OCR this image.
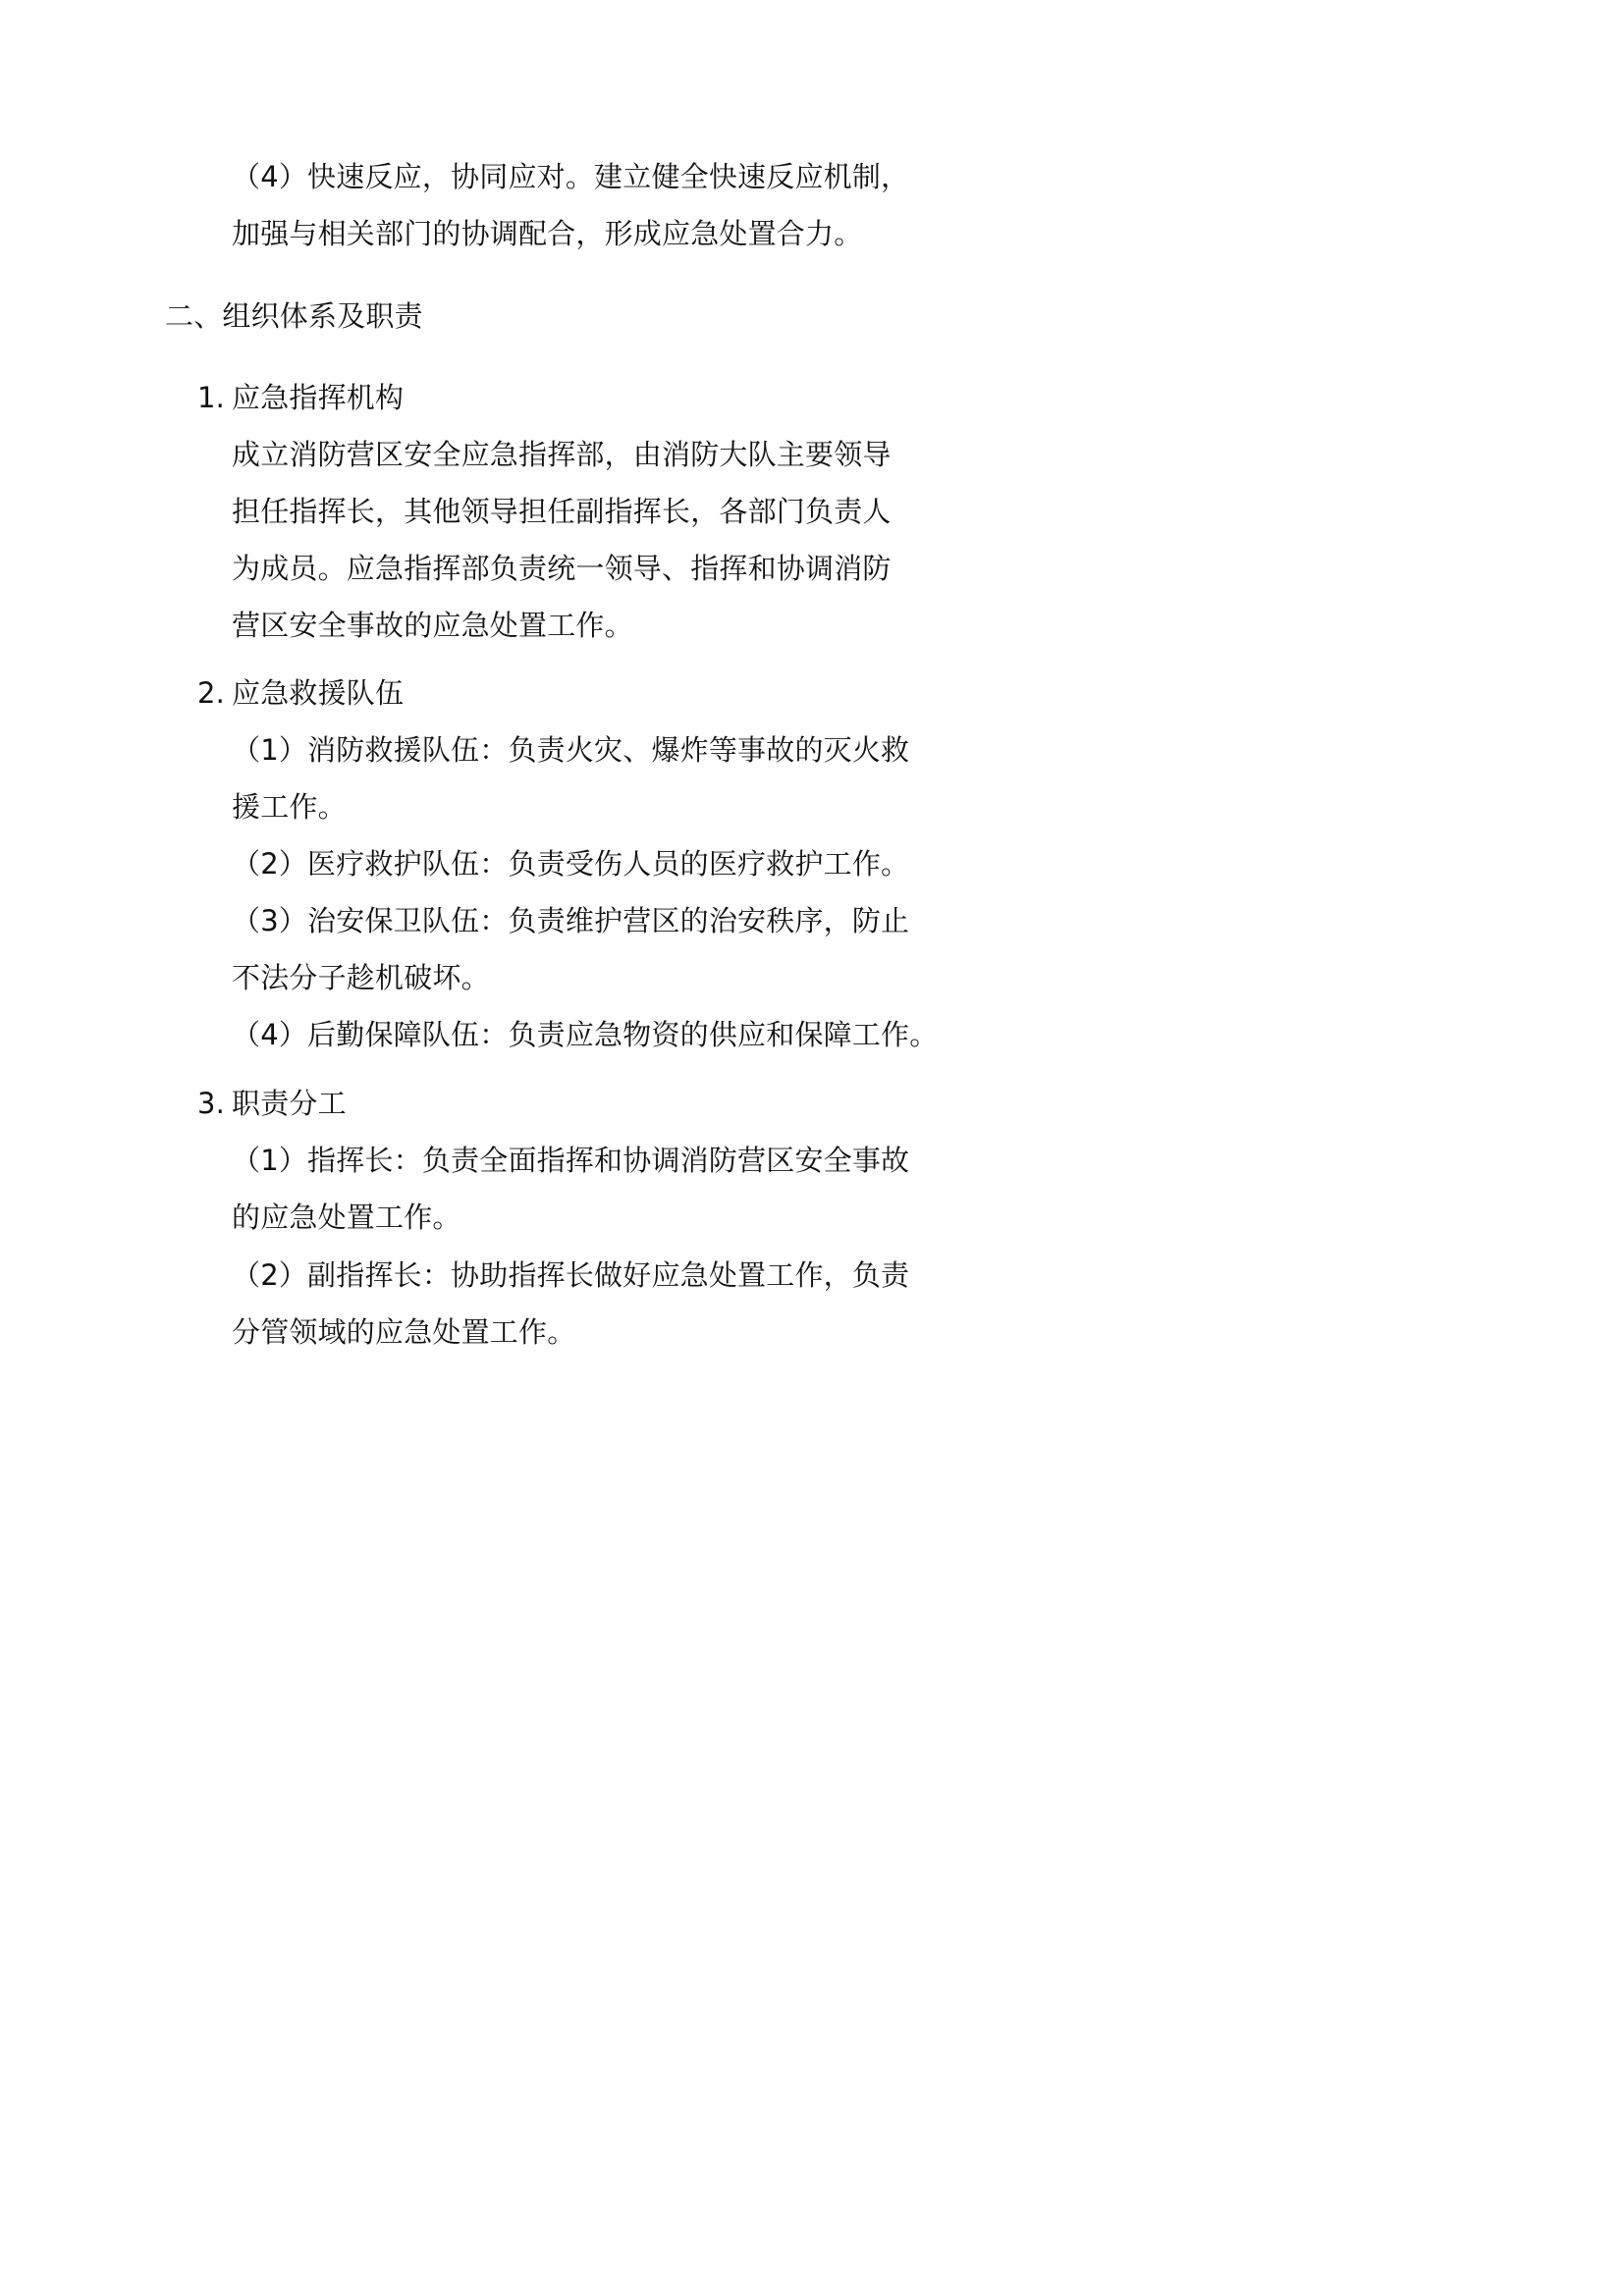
（4）快速反应，协同应对。建立健全快速反应机制，
加强与相关部门的协调配合，形成应急处置合力。
二、组织体系及职责
1. 应急指挥机构
成立消防营区安全应急指挥部，由消防大队主要领导
担任指挥长，其他领导担任副指挥长，各部门负责人
为成员。应急指挥部负责统一领导、指挥和协调消防
营区安全事故的应急处置工作。
2. 应急救援队伍
（1）消防救援队伍：负责火灾、爆炸等事故的灭火救
援工作。
（2）医疗救护队伍：负责受伤人员的医疗救护工作。
（3）治安保卫队伍：负责维护营区的治安秩序，防止
不法分子趁机破坏。
（4）后勤保障队伍：负责应急物资的供应和保障工作。
3. 职责分工
（1）指挥长：负责全面指挥和协调消防营区安全事故
的应急处置工作。
（2）副指挥长：协助指挥长做好应急处置工作，负责
分管领域的应急处置工作。
